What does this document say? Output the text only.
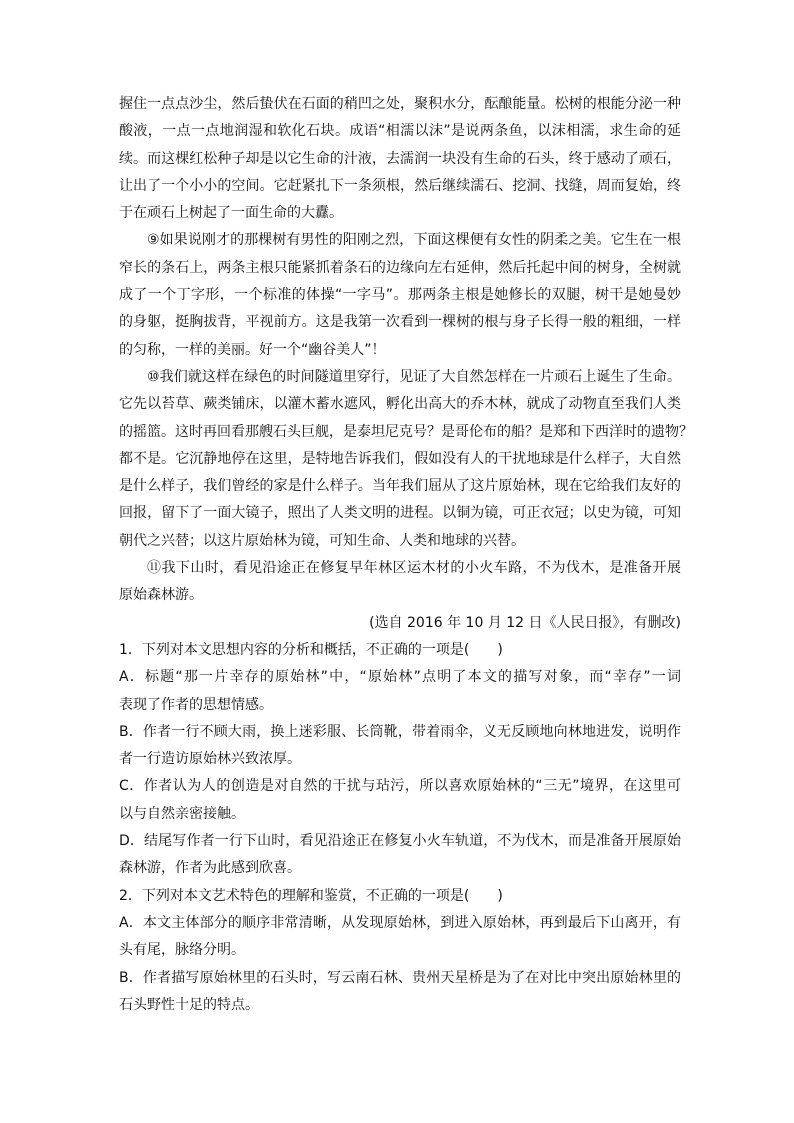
握住一点点沙尘，然后蛰伏在石面的稍凹之处，聚积水分，酝酿能量。松树的根能分泌一种
酸液，一点一点地润湿和软化石块。成语“相濡以沫”是说两条鱼，以沫相濡，求生命的延
续。而这棵红松种子却是以它生命的汁液，去濡润一块没有生命的石头，终于感动了顽石，
让出了一个小小的空间。它赶紧扎下一条须根，然后继续濡石、挖洞、找缝，周而复始，终
于在顽石上树起了一面生命的大纛。
⑨如果说刚才的那棵树有男性的阳刚之烈，下面这棵便有女性的阴柔之美。它生在一根
窄长的条石上，两条主根只能紧抓着条石的边缘向左右延伸，然后托起中间的树身，全树就
成了一个丁字形，一个标准的体操“一字马”。那两条主根是她修长的双腿，树干是她曼妙
的身躯，挺胸拔背，平视前方。这是我第一次看到一棵树的根与身子长得一般的粗细，一样
的匀称，一样的美丽。好一个“幽谷美人”！
⑩我们就这样在绿色的时间隧道里穿行，见证了大自然怎样在一片顽石上诞生了生命。
它先以苔草、蕨类铺床，以灌木蓄水遮风，孵化出高大的乔木林，就成了动物直至我们人类
的摇篮。这时再回看那艘石头巨舰，是泰坦尼克号？是哥伦布的船？是郑和下西洋时的遗物？
都不是。它沉静地停在这里，是特地告诉我们，假如没有人的干扰地球是什么样子，大自然
是什么样子，我们曾经的家是什么样子。当年我们屈从了这片原始林，现在它给我们友好的
回报，留下了一面大镜子，照出了人类文明的进程。以铜为镜，可正衣冠；以史为镜，可知
朝代之兴替；以这片原始林为镜，可知生命、人类和地球的兴替。
⑪我下山时，看见沿途正在修复早年林区运木材的小火车路，不为伐木，是准备开展
原始森林游。
(选自 2016 年 10 月 12 日《人民日报》，有删改)
1．下列对本文思想内容的分析和概括，不正确的一项是(　　)
A．标题“那一片幸存的原始林”中，“原始林”点明了本文的描写对象，而“幸存”一词
表现了作者的思想情感。
B．作者一行不顾大雨，换上迷彩服、长筒靴，带着雨伞，义无反顾地向林地进发，说明作
者一行造访原始林兴致浓厚。
C．作者认为人的创造是对自然的干扰与玷污，所以喜欢原始林的“三无”境界，在这里可
以与自然亲密接触。
D．结尾写作者一行下山时，看见沿途正在修复小火车轨道，不为伐木，而是准备开展原始
森林游，作者为此感到欣喜。
2．下列对本文艺术特色的理解和鉴赏，不正确的一项是(　　)
A．本文主体部分的顺序非常清晰，从发现原始林，到进入原始林，再到最后下山离开，有
头有尾，脉络分明。
B．作者描写原始林里的石头时，写云南石林、贵州天星桥是为了在对比中突出原始林里的
石头野性十足的特点。
